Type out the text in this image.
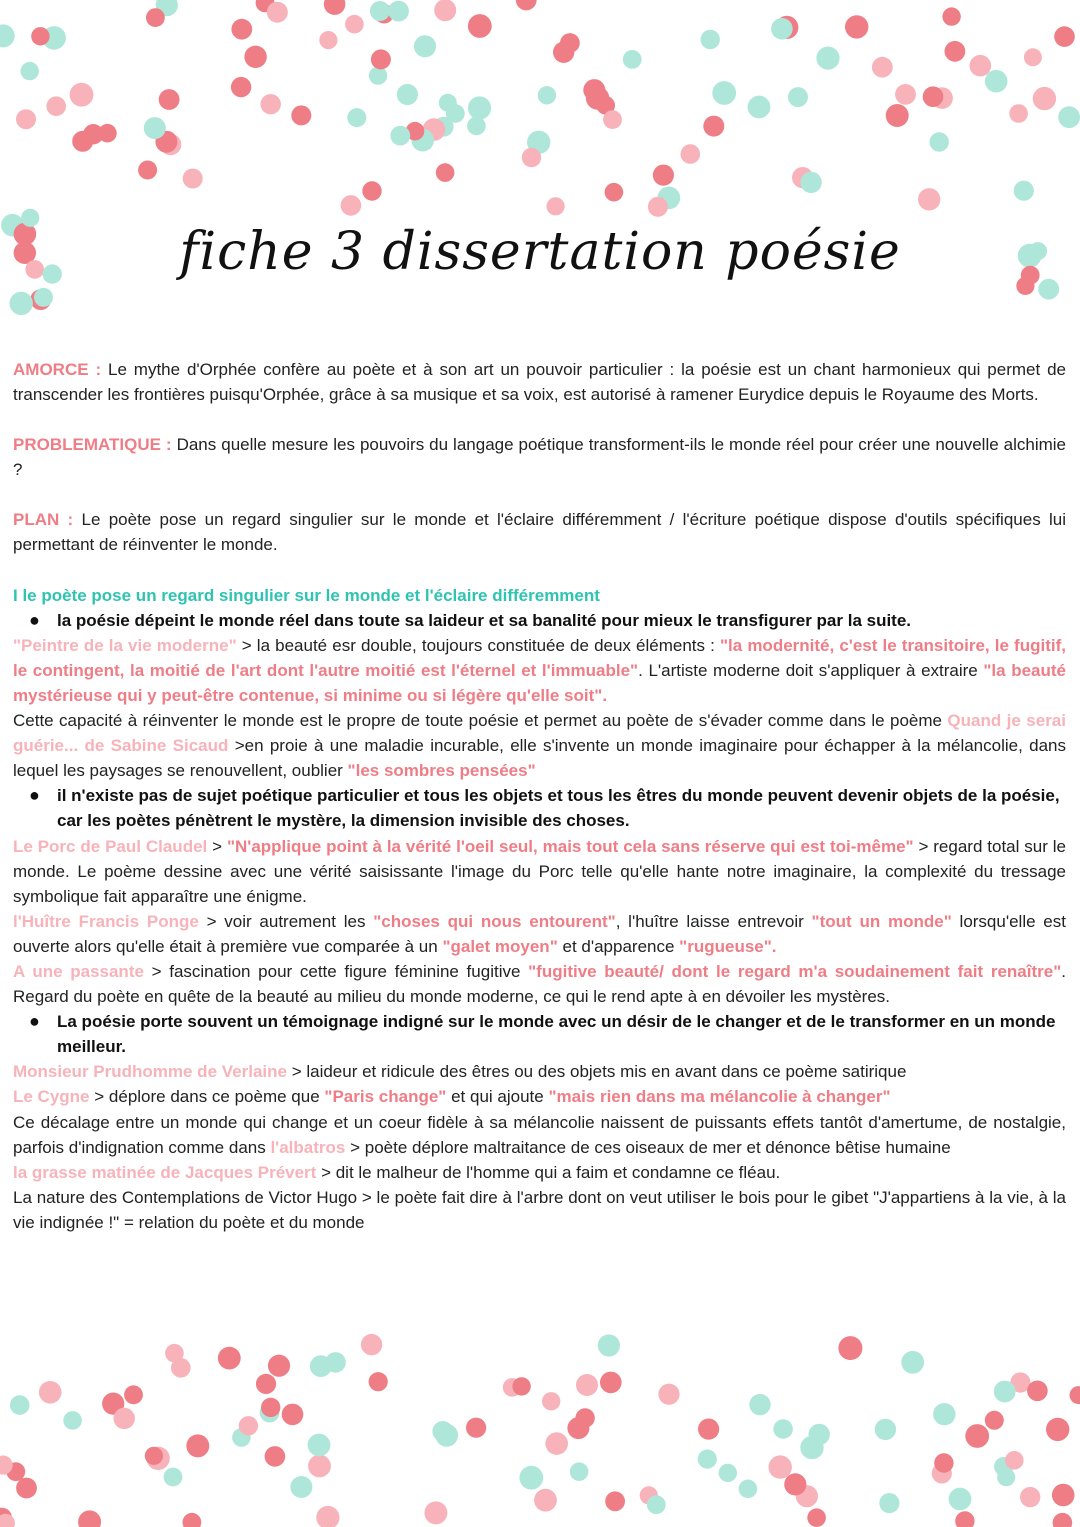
fiche 3 dissertation poésie

AMORCE : Le mythe d'Orphée confère au poète et à son art un pouvoir particulier : la poésie est un chant harmonieux qui permet de transcender les frontières puisqu'Orphée, grâce à sa musique et sa voix, est autorisé à ramener Eurydice depuis le Royaume des Morts.

PROBLEMATIQUE : Dans quelle mesure les pouvoirs du langage poétique transforment-ils le monde réel pour créer une nouvelle alchimie ?

PLAN : Le poète pose un regard singulier sur le monde et l'éclaire différemment / l'écriture poétique dispose d'outils spécifiques lui permettant de réinventer le monde.

I le poète pose un regard singulier sur le monde et l'éclaire différemment

●	la poésie dépeint le monde réel dans toute sa laideur et sa banalité pour mieux le transfigurer par la suite.

"Peintre de la vie moderne" > la beauté esr double, toujours constituée de deux éléments : "la modernité, c'est le transitoire, le fugitif, le contingent, la moitié de l'art dont l'autre moitié est l'éternel et l'immuable". L'artiste moderne doit s'appliquer à extraire "la beauté mystérieuse qui y peut-être contenue, si minime ou si légère qu'elle soit".

Cette capacité à réinventer le monde est le propre de toute poésie et permet au poète de s'évader comme dans le poème Quand je serai guérie... de Sabine Sicaud >en proie à une maladie incurable, elle s'invente un monde imaginaire pour échapper à la mélancolie, dans lequel les paysages se renouvellent, oublier "les sombres pensées"

●	il n'existe pas de sujet poétique particulier et tous les objets et tous les êtres du monde peuvent devenir objets de la poésie, car les poètes pénètrent le mystère, la dimension invisible des choses.

Le Porc de Paul Claudel > "N'applique point à la vérité l'oeil seul, mais tout cela sans réserve qui est toi-même" > regard total sur le monde. Le poème dessine avec une vérité saisissante l'image du Porc telle qu'elle hante notre imaginaire, la complexité du tressage symbolique fait apparaître une énigme.

l'Huître Francis Ponge > voir autrement les "choses qui nous entourent", l'huître laisse entrevoir "tout un monde" lorsqu'elle est ouverte alors qu'elle était à première vue comparée à un "galet moyen" et d'apparence "rugueuse".

A une passante > fascination pour cette figure féminine fugitive "fugitive beauté/ dont le regard m'a soudainement fait renaître". Regard du poète en quête de la beauté au milieu du monde moderne, ce qui le rend apte à en dévoiler les mystères.

●	La poésie porte souvent un témoignage indigné sur le monde avec un désir de le changer et de le transformer en un monde meilleur.

Monsieur Prudhomme de Verlaine > laideur et ridicule des êtres ou des objets mis en avant dans ce poème satirique

Le Cygne > déplore dans ce poème que "Paris change" et qui ajoute "mais rien dans ma mélancolie à changer"

Ce décalage entre un monde qui change et un coeur fidèle à sa mélancolie naissent de puissants effets tantôt d'amertume, de nostalgie, parfois d'indignation comme dans l'albatros > poète déplore maltraitance de ces oiseaux de mer et dénonce bêtise humaine

la grasse matinée de Jacques Prévert > dit le malheur de l'homme qui a faim et condamne ce fléau.

La nature des Contemplations de Victor Hugo > le poète fait dire à l'arbre dont on veut utiliser le bois pour le gibet "J'appartiens à la vie, à la vie indignée !" = relation du poète et du monde
